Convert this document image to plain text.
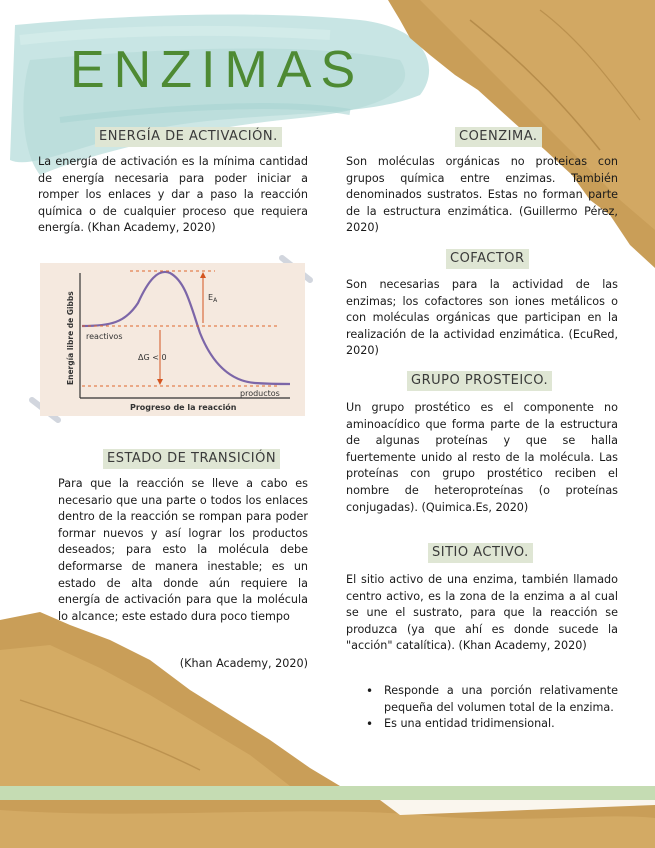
ENZIMAS
ENERGÍA DE ACTIVACIÓN.

La energía de activación es la mínima cantidad de energía necesaria para poder iniciar a romper los enlaces y dar a paso la reacción química o de cualquier proceso que requiera energía. (Khan Academy, 2020)

$E_A$
ΔG < 0
reactivos
productos
Progreso de la reacción
Energía libre de Gibbs
ESTADO DE TRANSICIÓN

Para que la reacción se lleve a cabo es necesario que una parte o todos los enlaces dentro de la reacción se rompan para poder formar nuevos y así lograr los productos deseados; para esto la molécula debe deformarse de manera inestable; es un estado de alta donde aún requiere la energía de activación para que la molécula lo alcance; este estado dura poco tiempo

(Khan Academy, 2020)

COENZIMA.

Son moléculas orgánicas no proteicas con grupos química entre enzimas. También denominados sustratos. Estas no forman parte de la estructura enzimática. (Guillermo Pérez, 2020)

COFACTOR

Son necesarias para la actividad de las enzimas; los cofactores son iones metálicos o con moléculas orgánicas que participan en la realización de la actividad enzimática. (EcuRed, 2020)

GRUPO PROSTEICO.

Un grupo prostético es el componente no aminoacídico que forma parte de la estructura de algunas proteínas y que se halla fuertemente unido al resto de la molécula. Las proteínas con grupo prostético reciben el nombre de heteroproteínas (o proteínas conjugadas). (Quimica.Es, 2020)

SITIO ACTIVO.

El sitio activo de una enzima, también llamado centro activo, es la zona de la enzima a al cual se une el sustrato, para que la reacción se produzca (ya que ahí es donde sucede la "acción" catalítica). (Khan Academy, 2020)

• Responde a una porción relativamente pequeña del volumen total de la enzima.
• Es una entidad tridimensional.
